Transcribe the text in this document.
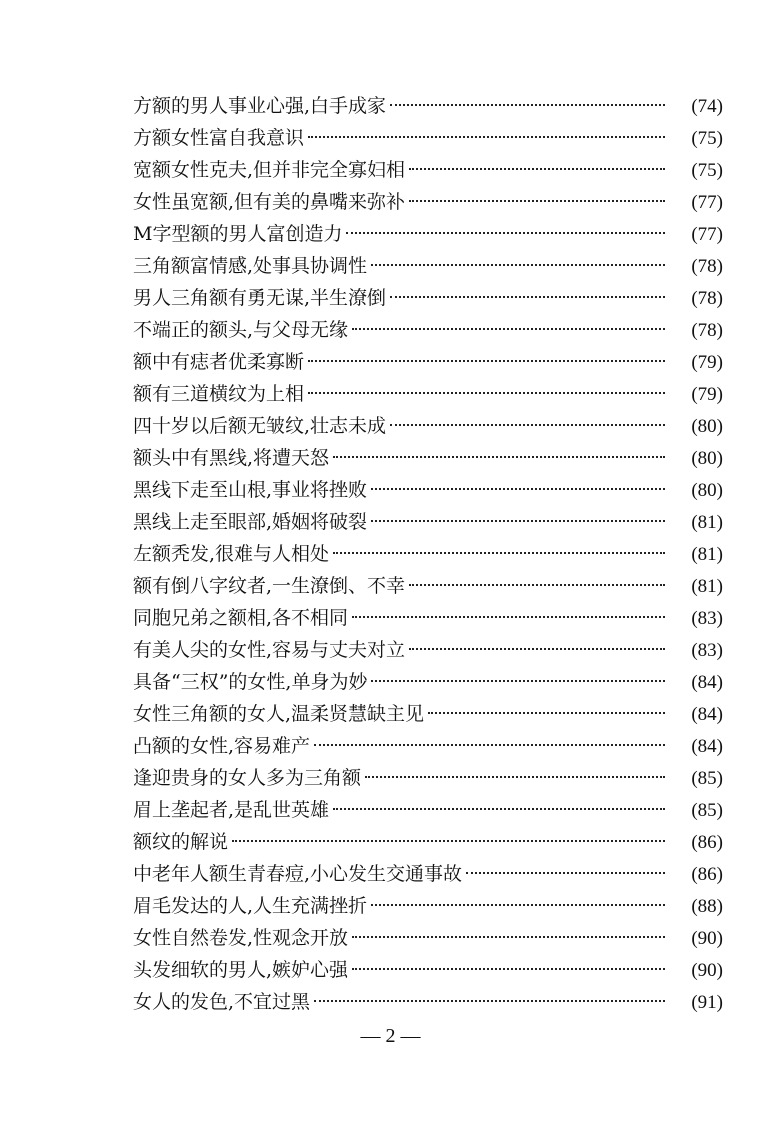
方额的男人事业心强,白手成家	(74)
方额女性富自我意识	(75)
宽额女性克夫,但并非完全寡妇相	(75)
女性虽宽额,但有美的鼻嘴来弥补	(77)
M字型额的男人富创造力	(77)
三角额富情感,处事具协调性	(78)
男人三角额有勇无谋,半生潦倒	(78)
不端正的额头,与父母无缘	(78)
额中有痣者优柔寡断	(79)
额有三道横纹为上相	(79)
四十岁以后额无皱纹,壮志未成	(80)
额头中有黑线,将遭天怒	(80)
黑线下走至山根,事业将挫败	(80)
黑线上走至眼部,婚姻将破裂	(81)
左额秃发,很难与人相处	(81)
额有倒八字纹者,一生潦倒、不幸	(81)
同胞兄弟之额相,各不相同	(83)
有美人尖的女性,容易与丈夫对立	(83)
具备“三权”的女性,单身为妙	(84)
女性三角额的女人,温柔贤慧缺主见	(84)
凸额的女性,容易难产	(84)
逢迎贵身的女人多为三角额	(85)
眉上垄起者,是乱世英雄	(85)
额纹的解说	(86)
中老年人额生青春痘,小心发生交通事故	(86)
眉毛发达的人,人生充满挫折	(88)
女性自然卷发,性观念开放	(90)
头发细软的男人,嫉妒心强	(90)
女人的发色,不宜过黑	(91)
— 2 —
